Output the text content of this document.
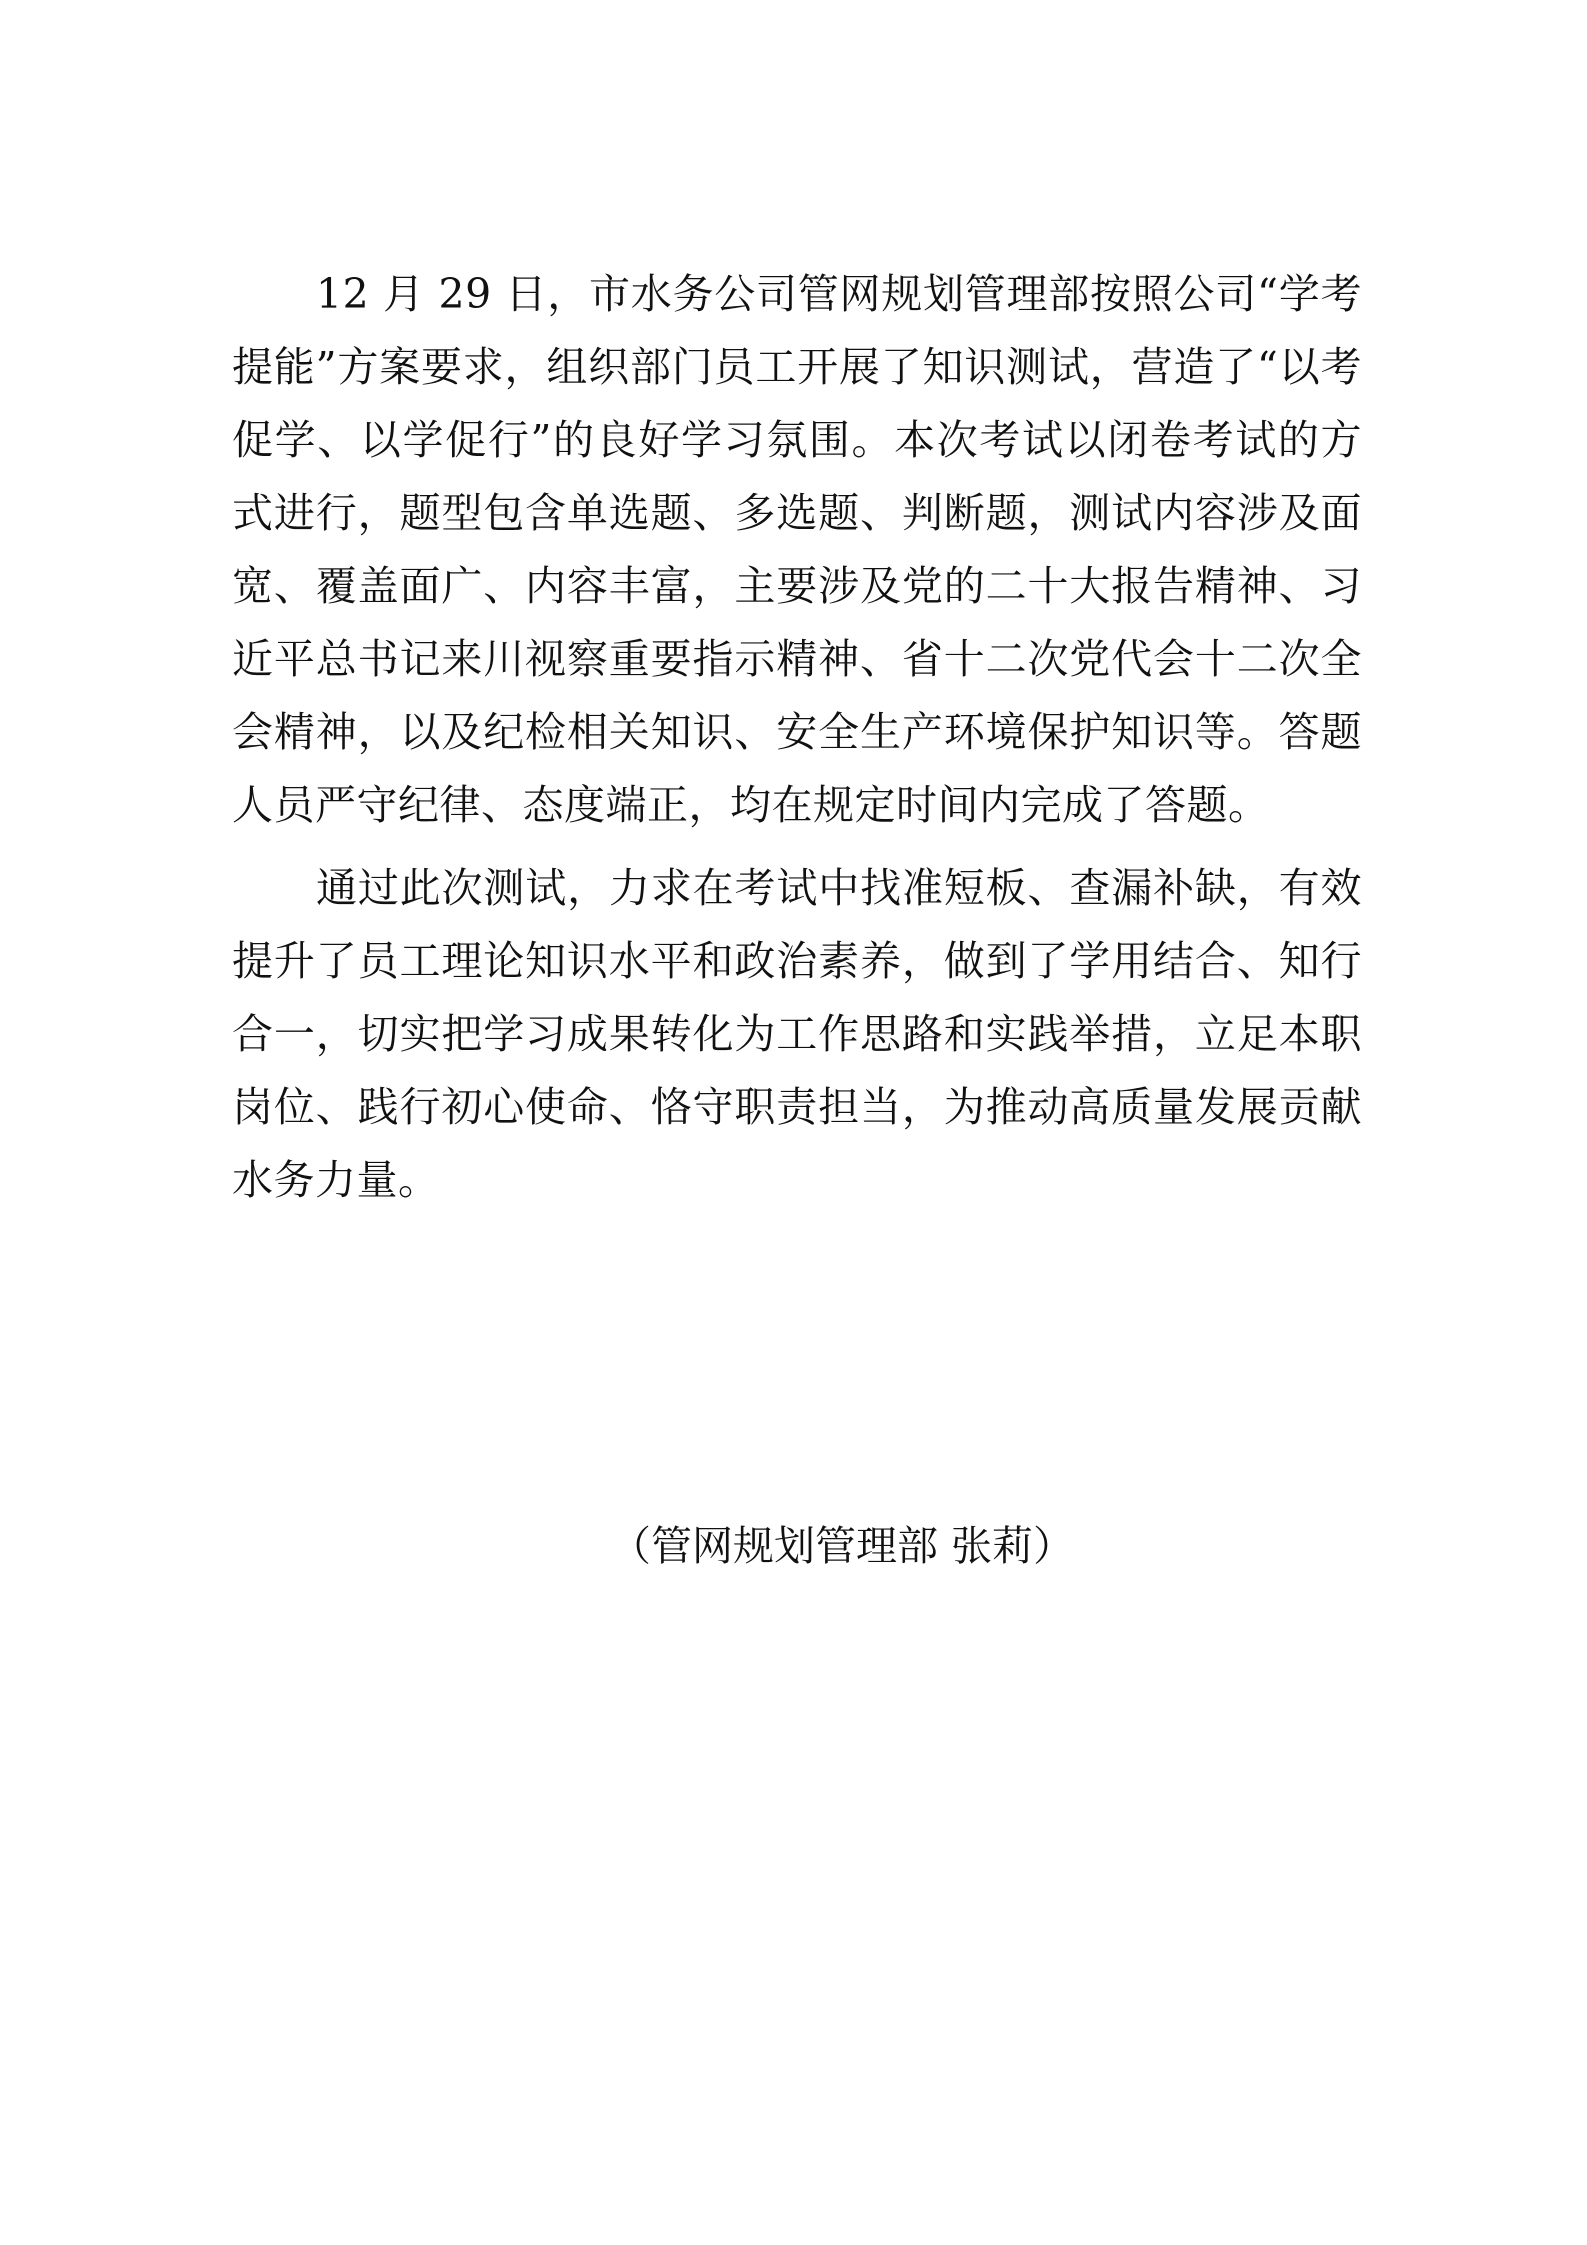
12 月 29 日，市水务公司管网规划管理部按照公司“学考提能”方案要求，组织部门员工开展了知识测试，营造了“以考促学、以学促行”的良好学习氛围。本次考试以闭卷考试的方式进行，题型包含单选题、多选题、判断题，测试内容涉及面宽、覆盖面广、内容丰富，主要涉及党的二十大报告精神、习近平总书记来川视察重要指示精神、省十二次党代会十二次全会精神，以及纪检相关知识、安全生产环境保护知识等。答题人员严守纪律、态度端正，均在规定时间内完成了答题。

通过此次测试，力求在考试中找准短板、查漏补缺，有效提升了员工理论知识水平和政治素养，做到了学用结合、知行合一，切实把学习成果转化为工作思路和实践举措，立足本职岗位、践行初心使命、恪守职责担当，为推动高质量发展贡献水务力量。

（管网规划管理部 张莉）
